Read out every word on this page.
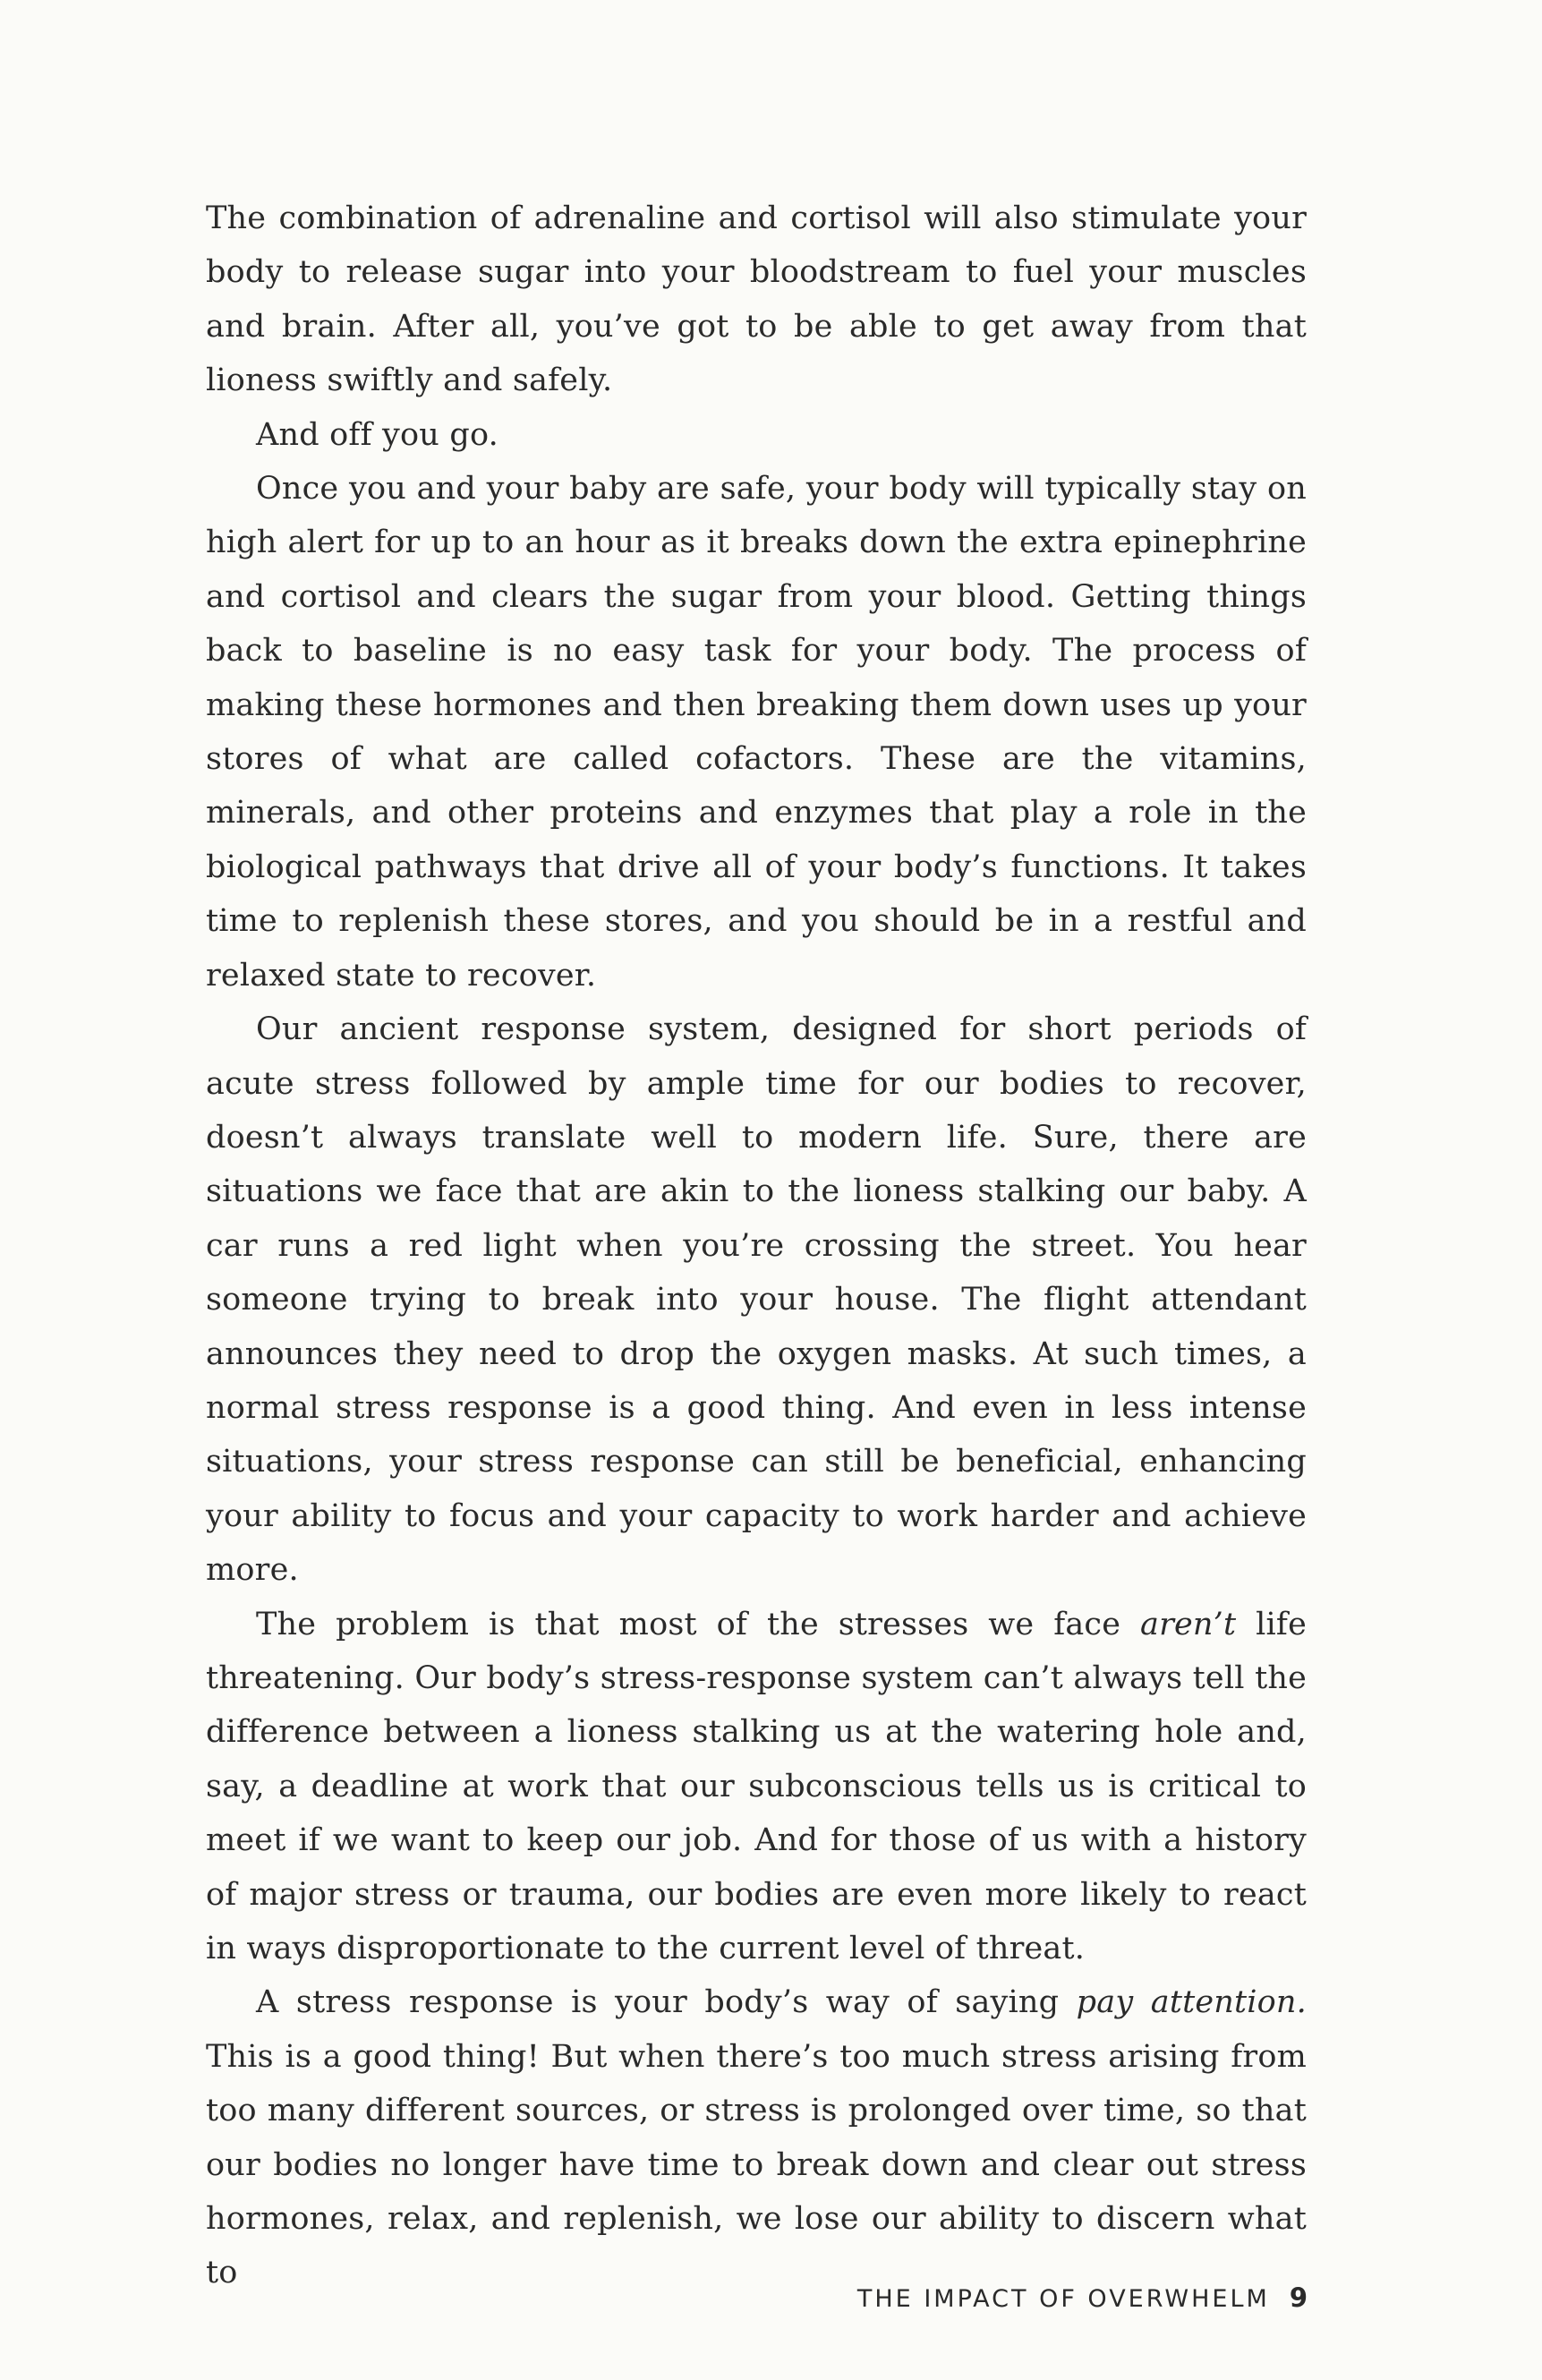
The combination of adrenaline and cortisol will also stimulate your body to release sugar into your bloodstream to fuel your muscles and brain. After all, you’ve got to be able to get away from that lioness swiftly and safely.

And off you go.

Once you and your baby are safe, your body will typically stay on high alert for up to an hour as it breaks down the extra epinephrine and cortisol and clears the sugar from your blood. Getting things back to baseline is no easy task for your body. The process of making these hormones and then breaking them down uses up your stores of what are called cofactors. These are the vitamins, minerals, and other proteins and enzymes that play a role in the biological pathways that drive all of your body’s functions. It takes time to replenish these stores, and you should be in a restful and relaxed state to recover.

Our ancient response system, designed for short periods of acute stress followed by ample time for our bodies to recover, doesn’t always translate well to modern life. Sure, there are situations we face that are akin to the lioness stalking our baby. A car runs a red light when you’re crossing the street. You hear someone trying to break into your house. The flight attendant announces they need to drop the oxygen masks. At such times, a normal stress response is a good thing. And even in less intense situations, your stress response can still be beneficial, enhancing your ability to focus and your capacity to work harder and achieve more.

The problem is that most of the stresses we face aren’t life threatening. Our body’s stress-response system can’t always tell the difference between a lioness stalking us at the watering hole and, say, a deadline at work that our subconscious tells us is critical to meet if we want to keep our job. And for those of us with a history of major stress or trauma, our bodies are even more likely to react in ways disproportionate to the current level of threat.

A stress response is your body’s way of saying pay attention. This is a good thing! But when there’s too much stress arising from too many different sources, or stress is prolonged over time, so that our bodies no longer have time to break down and clear out stress hormones, relax, and replenish, we lose our ability to discern what to

THE IMPACT OF OVERWHELM 9
